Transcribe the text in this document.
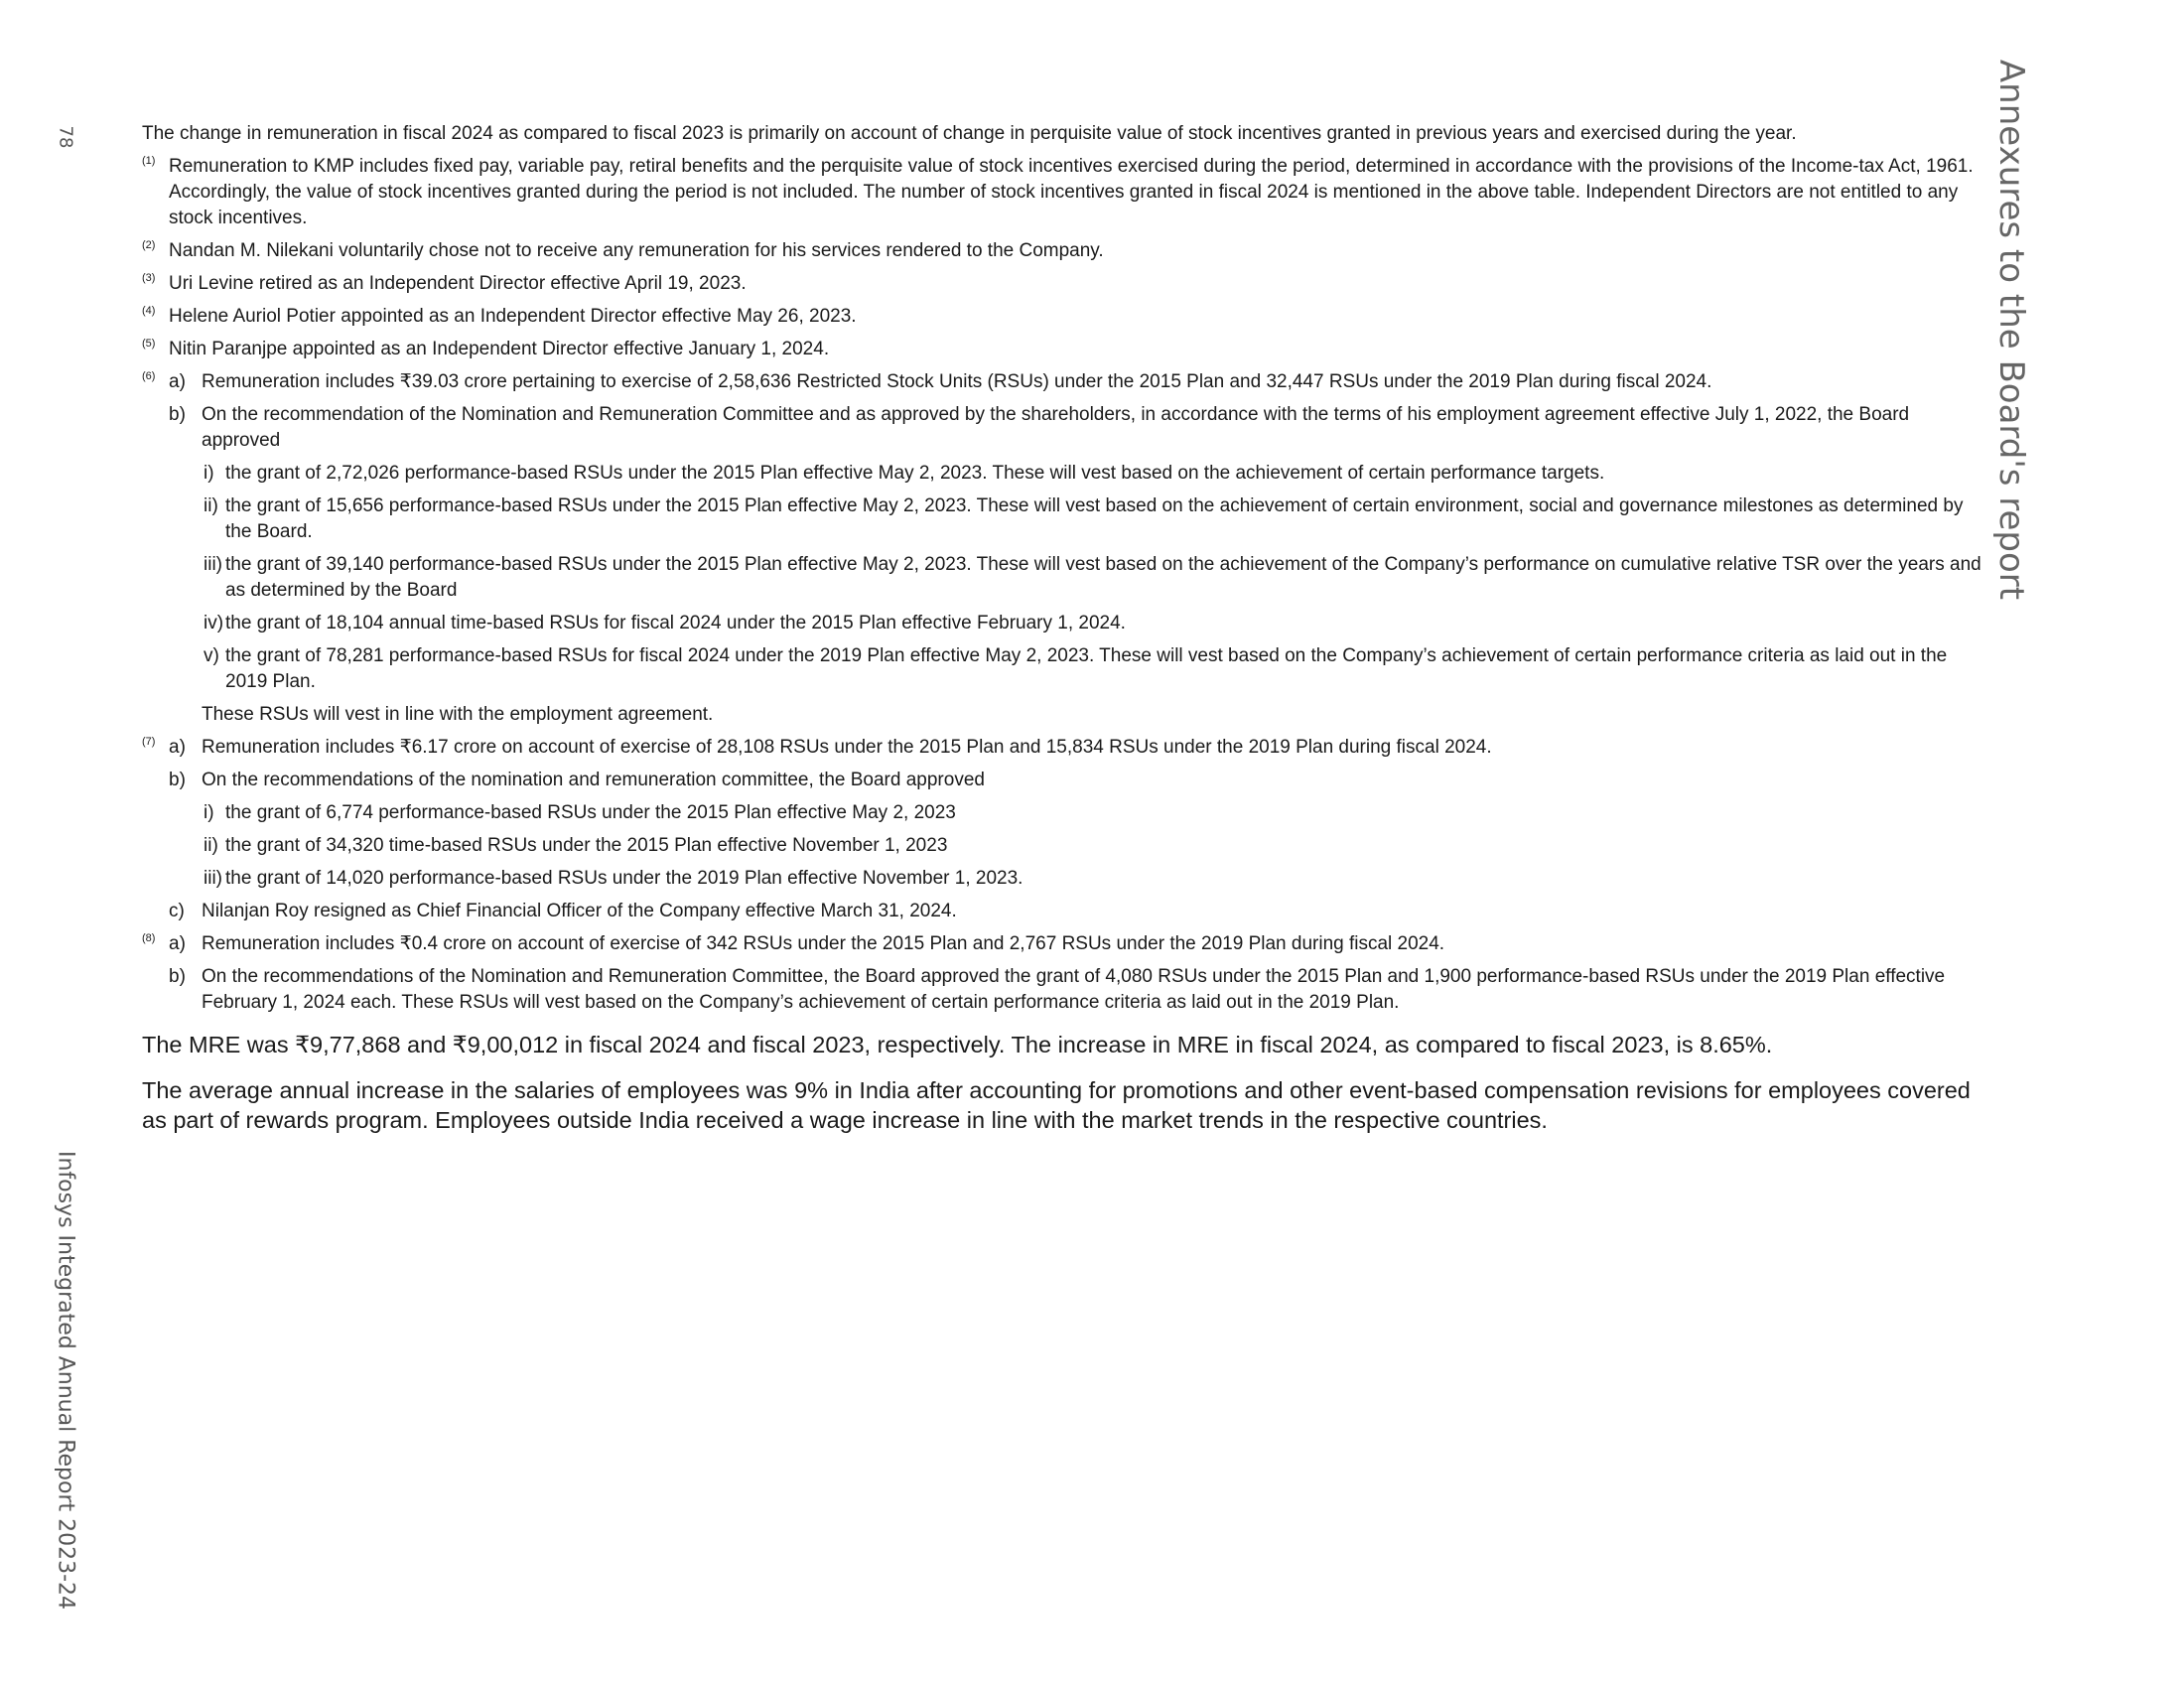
78
Infosys Integrated Annual Report 2023-24
Annexures to the Board's report
The change in remuneration in fiscal 2024 as compared to fiscal 2023 is primarily on account of change in perquisite value of stock incentives granted in previous years and exercised during the year.
(1) Remuneration to KMP includes fixed pay, variable pay, retiral benefits and the perquisite value of stock incentives exercised during the period, determined in accordance with the provisions of the Income-tax Act, 1961. Accordingly, the value of stock incentives granted during the period is not included. The number of stock incentives granted in fiscal 2024 is mentioned in the above table. Independent Directors are not entitled to any stock incentives.
(2) Nandan M. Nilekani voluntarily chose not to receive any remuneration for his services rendered to the Company.
(3) Uri Levine retired as an Independent Director effective April 19, 2023.
(4) Helene Auriol Potier appointed as an Independent Director effective May 26, 2023.
(5) Nitin Paranjpe appointed as an Independent Director effective January 1, 2024.
(6) a) Remuneration includes ₹39.03 crore pertaining to exercise of 2,58,636 Restricted Stock Units (RSUs) under the 2015 Plan and 32,447 RSUs under the 2019 Plan during fiscal 2024.
b) On the recommendation of the Nomination and Remuneration Committee and as approved by the shareholders, in accordance with the terms of his employment agreement effective July 1, 2022, the Board approved
i) the grant of 2,72,026 performance-based RSUs under the 2015 Plan effective May 2, 2023. These will vest based on the achievement of certain performance targets.
ii) the grant of 15,656 performance-based RSUs under the 2015 Plan effective May 2, 2023. These will vest based on the achievement of certain environment, social and governance milestones as determined by the Board.
iii) the grant of 39,140 performance-based RSUs under the 2015 Plan effective May 2, 2023. These will vest based on the achievement of the Company’s performance on cumulative relative TSR over the years and as determined by the Board
iv) the grant of 18,104 annual time-based RSUs for fiscal 2024 under the 2015 Plan effective February 1, 2024.
v) the grant of 78,281 performance-based RSUs for fiscal 2024 under the 2019 Plan effective May 2, 2023. These will vest based on the Company’s achievement of certain performance criteria as laid out in the 2019 Plan.
These RSUs will vest in line with the employment agreement.
(7) a) Remuneration includes ₹6.17 crore on account of exercise of 28,108 RSUs under the 2015 Plan and 15,834 RSUs under the 2019 Plan during fiscal 2024.
b) On the recommendations of the nomination and remuneration committee, the Board approved
i) the grant of 6,774 performance-based RSUs under the 2015 Plan effective May 2, 2023
ii) the grant of 34,320 time-based RSUs under the 2015 Plan effective November 1, 2023
iii) the grant of 14,020 performance-based RSUs under the 2019 Plan effective November 1, 2023.
c) Nilanjan Roy resigned as Chief Financial Officer of the Company effective March 31, 2024.
(8) a) Remuneration includes ₹0.4 crore on account of exercise of 342 RSUs under the 2015 Plan and 2,767 RSUs under the 2019 Plan during fiscal 2024.
b) On the recommendations of the Nomination and Remuneration Committee, the Board approved the grant of 4,080 RSUs under the 2015 Plan and 1,900 performance-based RSUs under the 2019 Plan effective February 1, 2024 each. These RSUs will vest based on the Company’s achievement of certain performance criteria as laid out in the 2019 Plan.
The MRE was ₹9,77,868 and ₹9,00,012 in fiscal 2024 and fiscal 2023, respectively. The increase in MRE in fiscal 2024, as compared to fiscal 2023, is 8.65%.
The average annual increase in the salaries of employees was 9% in India after accounting for promotions and other event-based compensation revisions for employees covered as part of rewards program. Employees outside India received a wage increase in line with the market trends in the respective countries.
